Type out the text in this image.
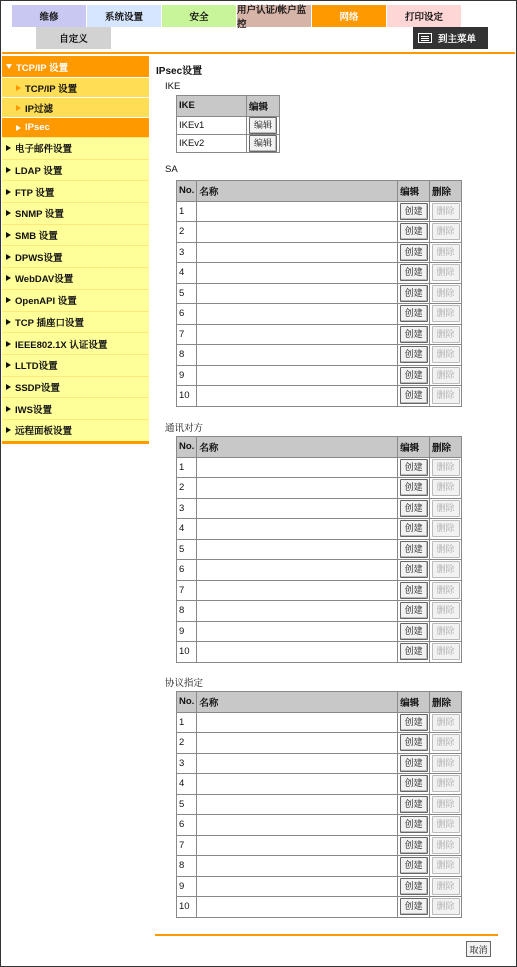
维修	系统设置	安全
用户认证/帐户监控
网络	打印设定
自定义	到主菜单
TCP/IP 设置
TCP/IP 设置
IP过滤
IPsec
电子邮件设置
LDAP 设置
FTP 设置
SNMP 设置
SMB 设置
DPWS设置
WebDAV设置
OpenAPI 设置
TCP 插座口设置
IEEE802.1X 认证设置
LLTD设置
SSDP设置
IWS设置
远程面板设置
IPsec设置
IKE
IKE	编辑
IKEv1	编辑
IKEv2	编辑
SA
No.	名称	编辑	删除
1		创建	删除
2		创建	删除
3		创建	删除
4		创建	删除
5		创建	删除
6		创建	删除
7		创建	删除
8		创建	删除
9		创建	删除
10		创建	删除
通讯对方
No.	名称	编辑	删除
1		创建	删除
2		创建	删除
3		创建	删除
4		创建	删除
5		创建	删除
6		创建	删除
7		创建	删除
8		创建	删除
9		创建	删除
10		创建	删除
协议指定
No.	名称	编辑	删除
1		创建	删除
2		创建	删除
3		创建	删除
4		创建	删除
5		创建	删除
6		创建	删除
7		创建	删除
8		创建	删除
9		创建	删除
10		创建	删除
取消
